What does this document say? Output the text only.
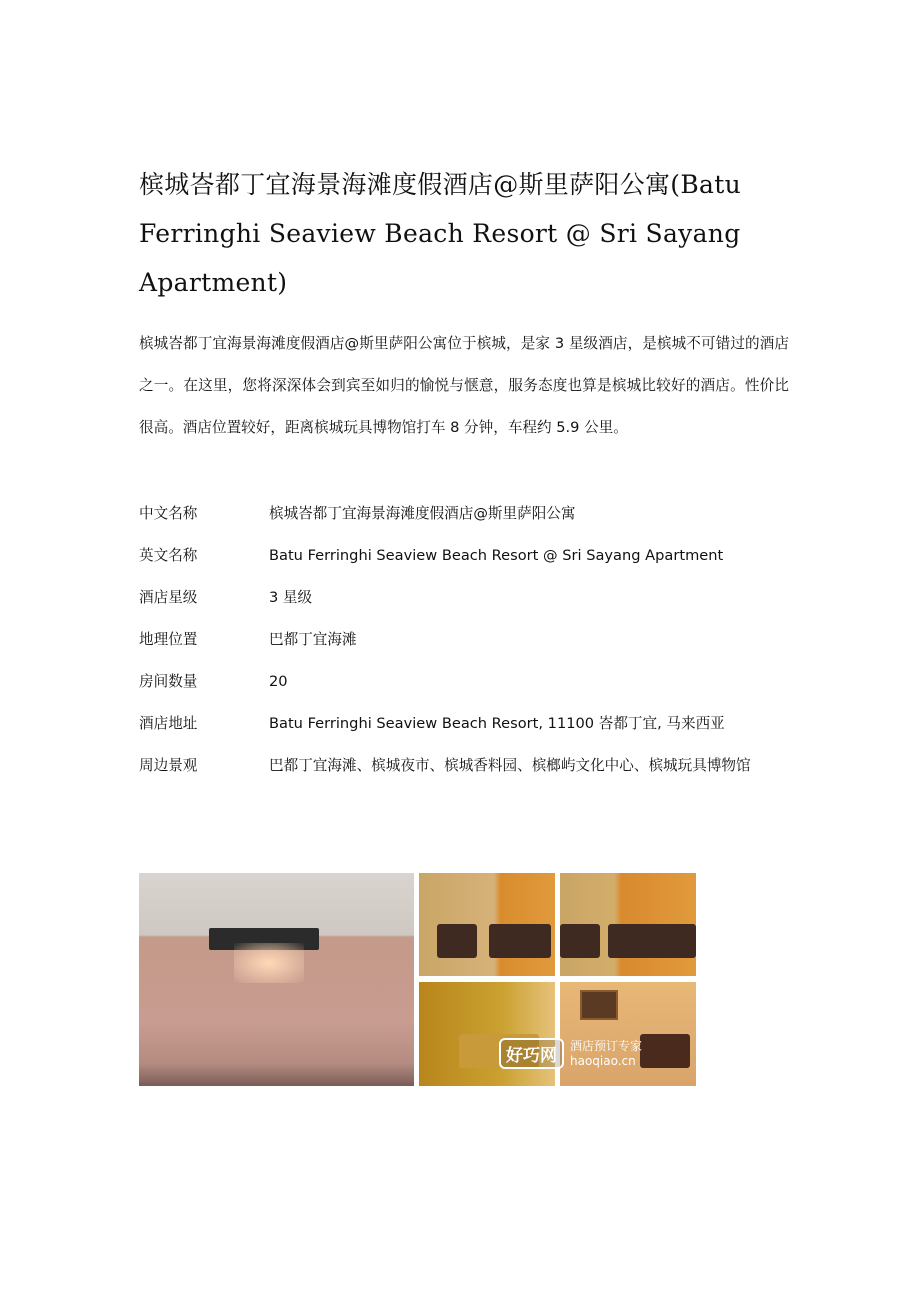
槟城峇都丁宜海景海滩度假酒店@斯里萨阳公寓(Batu Ferringhi Seaview Beach Resort @ Sri Sayang Apartment)

槟城峇都丁宜海景海滩度假酒店@斯里萨阳公寓位于槟城，是家 3 星级酒店，是槟城不可错过的酒店之一。在这里，您将深深体会到宾至如归的愉悦与惬意，服务态度也算是槟城比较好的酒店。性价比很高。酒店位置较好，距离槟城玩具博物馆打车 8 分钟，车程约 5.9 公里。

中文名称	槟城峇都丁宜海景海滩度假酒店@斯里萨阳公寓
英文名称	Batu Ferringhi Seaview Beach Resort @ Sri Sayang Apartment
酒店星级	3 星级
地理位置	巴都丁宜海滩
房间数量	20
酒店地址	Batu Ferringhi Seaview Beach Resort, 11100 峇都丁宜, 马来西亚
周边景观	巴都丁宜海滩、槟城夜市、槟城香料园、槟榔屿文化中心、槟城玩具博物馆
好巧网
酒店预订专家
haoqiao.cn
